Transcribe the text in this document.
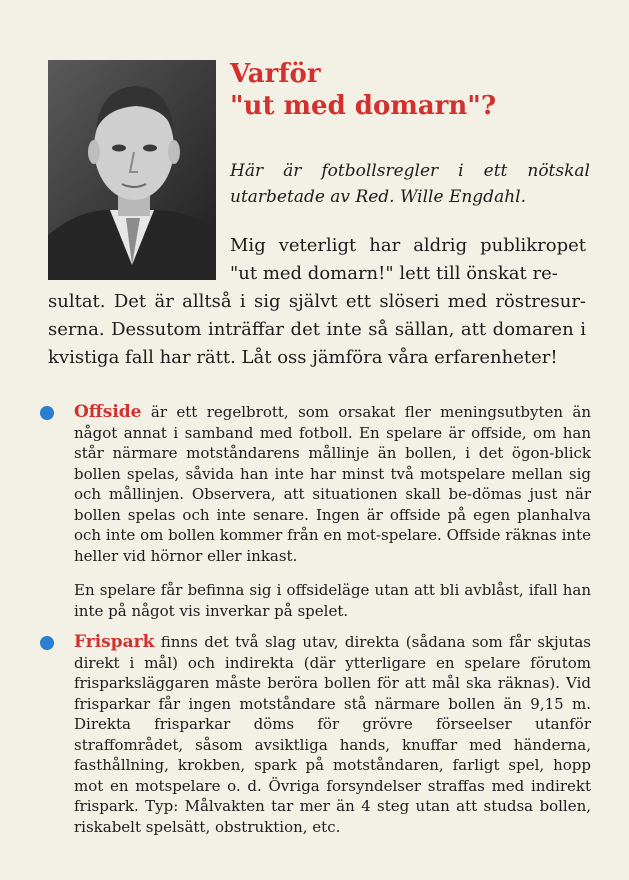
Varför
"ut med domarn"?
Här är fotbollsregler i ett nötskal utarbetade av Red. Wille Engdahl.
Mig veterligt har aldrig publikropet "ut med domarn!" lett till önskat re-
sultat. Det är alltså i sig självt ett slöseri med röstresur-serna. Dessutom inträffar det inte så sällan, att domaren i kvistiga fall har rätt. Låt oss jämföra våra erfarenheter!

Offside är ett regelbrott, som orsakat fler meningsutbyten än något annat i samband med fotboll. En spelare är offside, om han står närmare motståndarens mållinje än bollen, i det ögon-blick bollen spelas, såvida han inte har minst två motspelare mellan sig och mållinjen. Observera, att situationen skall be-dömas just när bollen spelas och inte senare. Ingen är offside på egen planhalva och inte om bollen kommer från en mot-spelare. Offside räknas inte heller vid hörnor eller inkast.

En spelare får befinna sig i offsideläge utan att bli avblåst, ifall han inte på något vis inverkar på spelet.

Frispark finns det två slag utav, direkta (sådana som får skjutas direkt i mål) och indirekta (där ytterligare en spelare förutom frisparksläggaren måste beröra bollen för att mål ska räknas). Vid frisparkar får ingen motståndare stå närmare bollen än 9,15 m. Direkta frisparkar döms för grövre förseelser utanför straffområdet, såsom avsiktliga hands, knuffar med händerna, fasthållning, krokben, spark på motståndaren, farligt spel, hopp mot en motspelare o. d. Övriga forsyndelser straffas med indirekt frispark. Typ: Målvakten tar mer än 4 steg utan att studsa bollen, riskabelt spelsätt, obstruktion, etc.
